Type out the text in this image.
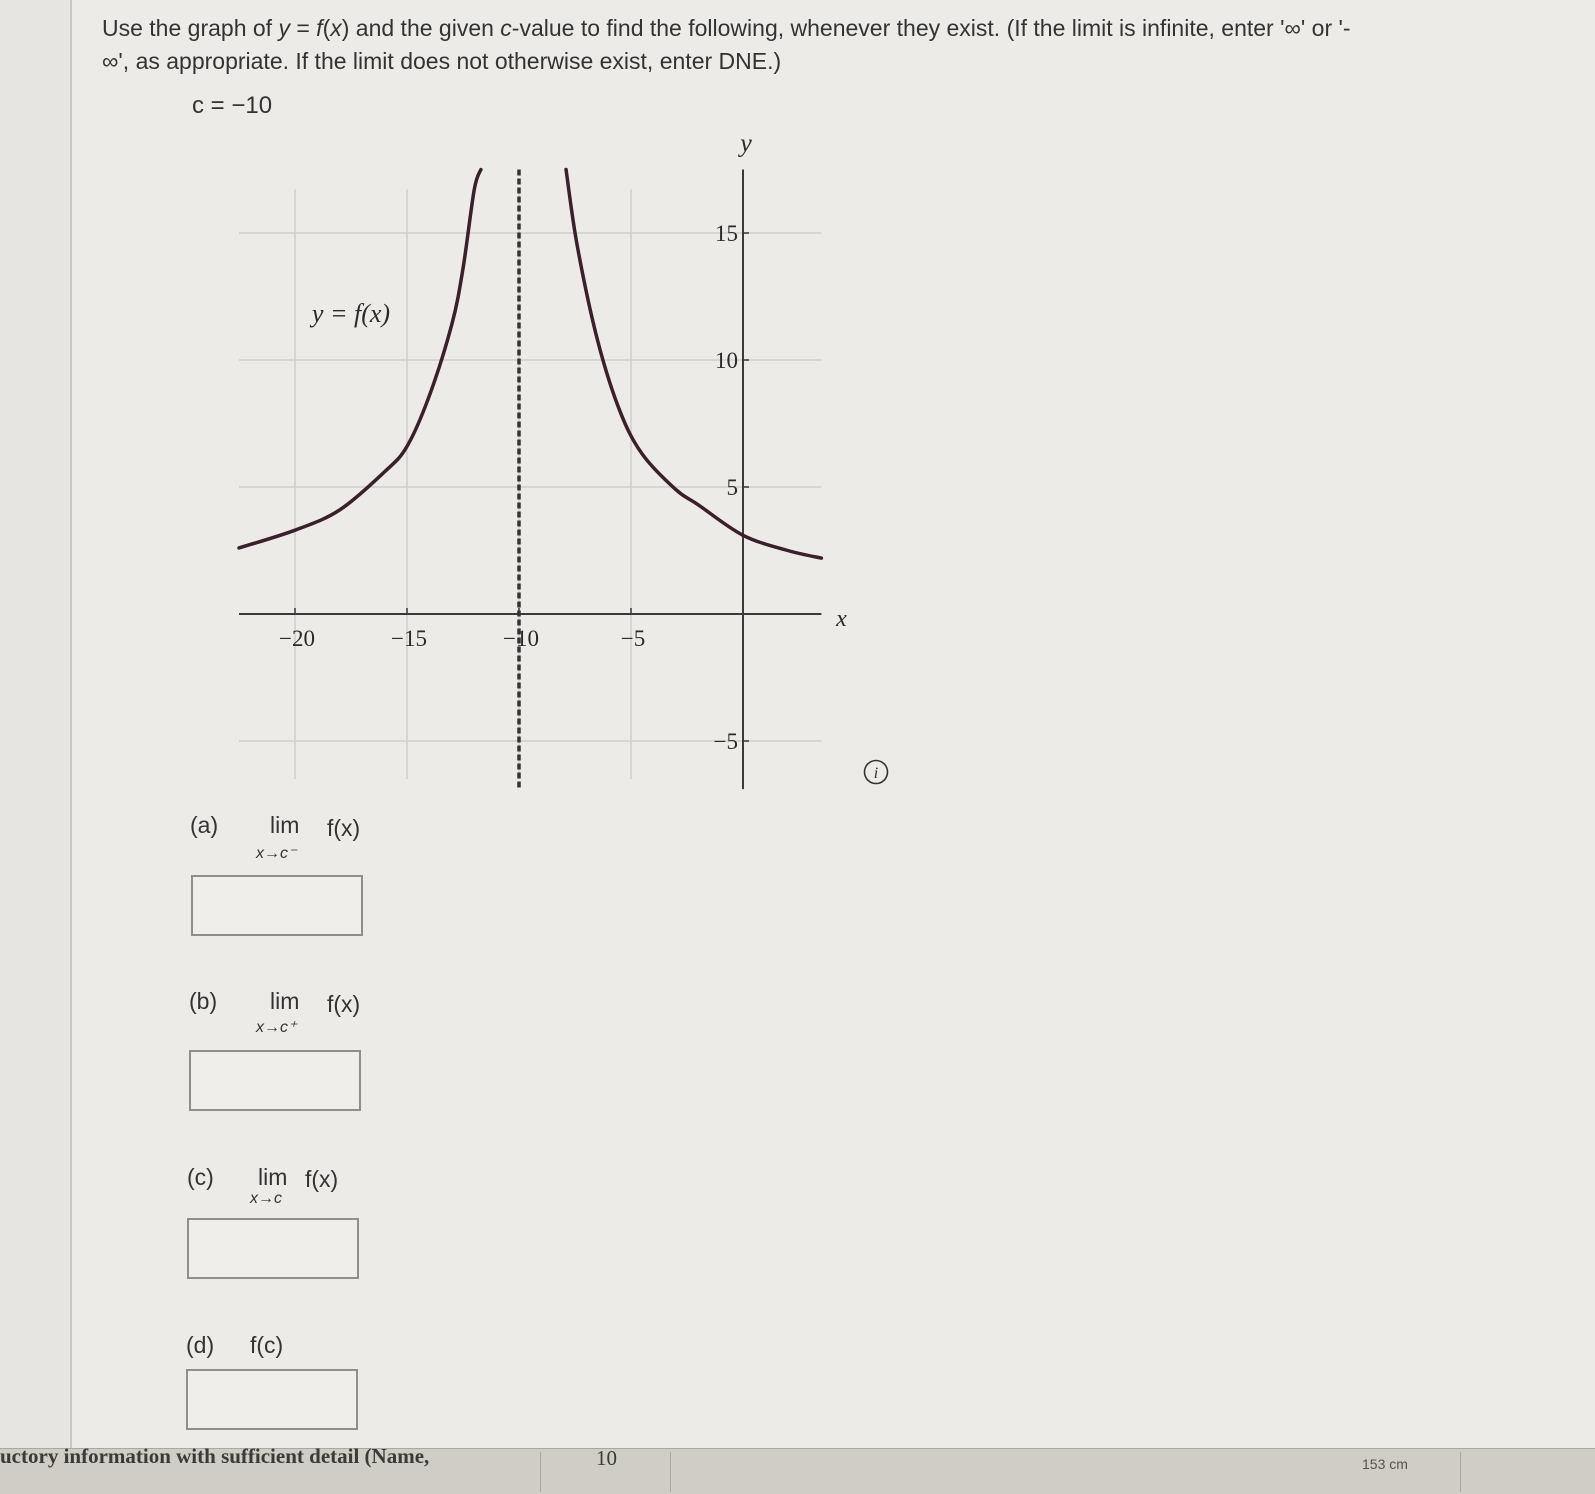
Use the graph of y = f(x) and the given c-value to find the following, whenever they exist. (If the limit is infinite, enter '∞' or '-
∞', as appropriate. If the limit does not otherwise exist, enter DNE.)
c = −10
−20	−15	−10	−5
15
10
5
−5
y
x
y = f(x)
i
(a) lim f(x)
x→c⁻
(b) lim f(x)
x→c⁺
(c) lim f(x)
x→c
(d) f(c)
uctory information with sufficient detail (Name,	10	153 cm
